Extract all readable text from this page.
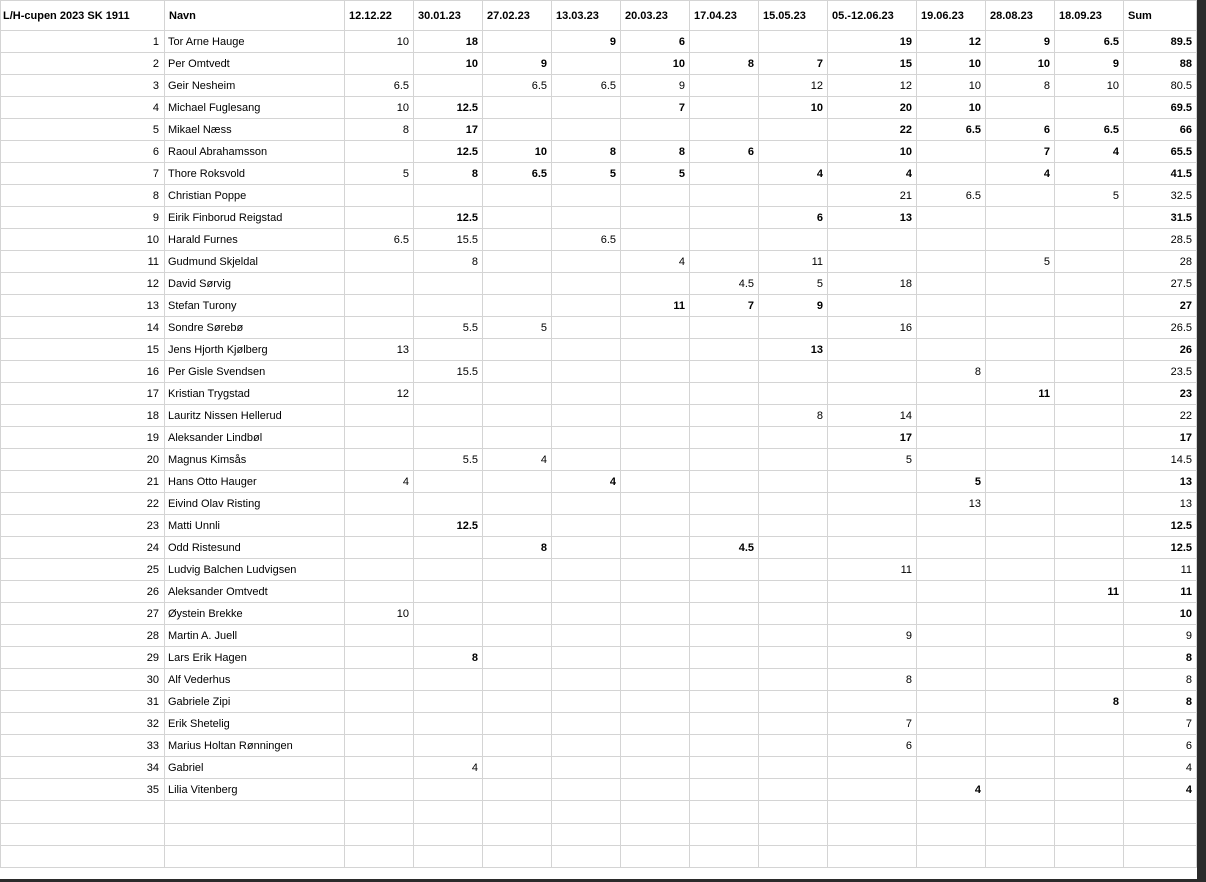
L/H-cupen 2023 SK 1911	Navn	12.12.22	30.01.23	27.02.23	13.03.23	20.03.23	17.04.23	15.05.23	05.-12.06.23	19.06.23	28.08.23	18.09.23	Sum
1	Tor Arne Hauge	10	18		9	6			19	12	9	6.5	89.5
2	Per Omtvedt		10	9		10	8	7	15	10	10	9	88
3	Geir Nesheim	6.5		6.5	6.5	9		12	12	10	8	10	80.5
4	Michael Fuglesang	10	12.5			7		10	20	10			69.5
5	Mikael Næss	8	17						22	6.5	6	6.5	66
6	Raoul Abrahamsson		12.5	10	8	8	6		10		7	4	65.5
7	Thore Roksvold	5	8	6.5	5	5		4	4		4		41.5
8	Christian Poppe								21	6.5		5	32.5
9	Eirik Finborud Reigstad		12.5					6	13				31.5
10	Harald Furnes	6.5	15.5		6.5								28.5
11	Gudmund Skjeldal		8			4		11			5		28
12	David Sørvig						4.5	5	18				27.5
13	Stefan Turony					11	7	9					27
14	Sondre Sørebø		5.5	5					16				26.5
15	Jens Hjorth Kjølberg	13						13					26
16	Per Gisle Svendsen		15.5							8			23.5
17	Kristian Trygstad	12									11		23
18	Lauritz Nissen Hellerud							8	14				22
19	Aleksander Lindbøl								17				17
20	Magnus Kimsås		5.5	4					5				14.5
21	Hans Otto Hauger	4			4					5			13
22	Eivind Olav Risting									13			13
23	Matti Unnli		12.5										12.5
24	Odd Ristesund			8			4.5						12.5
25	Ludvig Balchen Ludvigsen								11				11
26	Aleksander Omtvedt											11	11
27	Øystein Brekke	10											10
28	Martin A. Juell								9				9
29	Lars Erik Hagen		8										8
30	Alf Vederhus								8				8
31	Gabriele Zipi											8	8
32	Erik Shetelig								7				7
33	Marius Holtan Rønningen								6				6
34	Gabriel		4										4
35	Lilia Vitenberg									4			4
